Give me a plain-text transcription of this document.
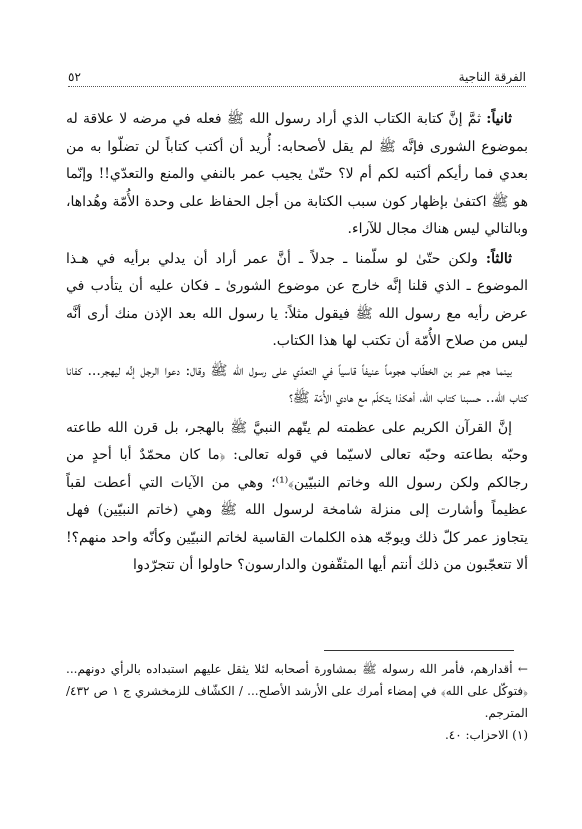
الفرقة الناجية
٥٢

ثانياً: ثمَّ إنَّ كتابة الكتاب الذي أراد رسول الله ﷺ فعله في مرضه لا علاقة له بموضوع الشورى فإنَّه ﷺ لم يقل لأصحابه: أُريد أن أكتب كتاباً لن تضلّوا به من بعدي فما رأيكم أكتبه لكم أم لا؟ حتّىٰ يجيب عمر بالنفي والمنع والتعدّي!! وإنّما هو ﷺ اكتفىٰ بإظهار كون سبب الكتابة من أجل الحفاظ على وحدة الأُمّة وهُداها، وبالتالي ليس هناك مجال للآراء.

ثالثاً: ولكن حتّىٰ لو سلّمنا ـ جدلاً ـ أنَّ عمر أراد أن يدلي برأيه في هـذا الموضوع ـ الذي قلنا إنَّه خارج عن موضوع الشورىٰ ـ فكان عليه أن يتأدب في عرض رأيه مع رسول الله ﷺ فيقول مثلاً: يا رسول الله بعد الإذن منك أرى أنَّه ليس من صلاح الأُمّة أن تكتب لها هذا الكتاب.

بينما هجم عمر بن الخطّاب هجوماً عنيفاً قاسياً في التعدّي على رسول الله ﷺ وقال: دعوا الرجل إنَّه ليهجر... كفانا كتاب الله.. حسبنا كتاب الله، أهكذا يتكلّم مع هادي الأُمّة ﷺ؟

إنَّ القرآن الكريم على عظمته لم يتّهم النبيَّ ﷺ بالهجر، بل قرن الله طاعته وحبّه بطاعته وحبّه تعالى لاسيّما في قوله تعالى: ﴿ما كان محمّدٌ أبا أحدٍ من رجالكم ولكن رسول الله وخاتم النبيّين﴾⁽¹⁾؛ وهي من الآيات التي أعطت لقباً عظيماً وأشارت إلى منزلة شامخة لرسول الله ﷺ وهي (خاتم النبيّين) فهل يتجاوز عمر كلّ ذلك ويوجّه هذه الكلمات القاسية لخاتم النبيّين وكأنّه واحد منهم؟! ألا تتعجّبون من ذلك أنتم أيها المثقّفون والدارسون؟ حاولوا أن تتجرّدوا

← أقدارهم، فأمر الله رسوله ﷺ بمشاورة أصحابه لئلا يثقل عليهم استبداده بالرأي دونهم... ﴿فتوكّل على الله﴾ في إمضاء أمرك على الأرشد الأصلح... / الكشّاف للزمخشري ج ١ ص ٤٣٢/المترجم.

(١) الاحزاب: ٤٠.
